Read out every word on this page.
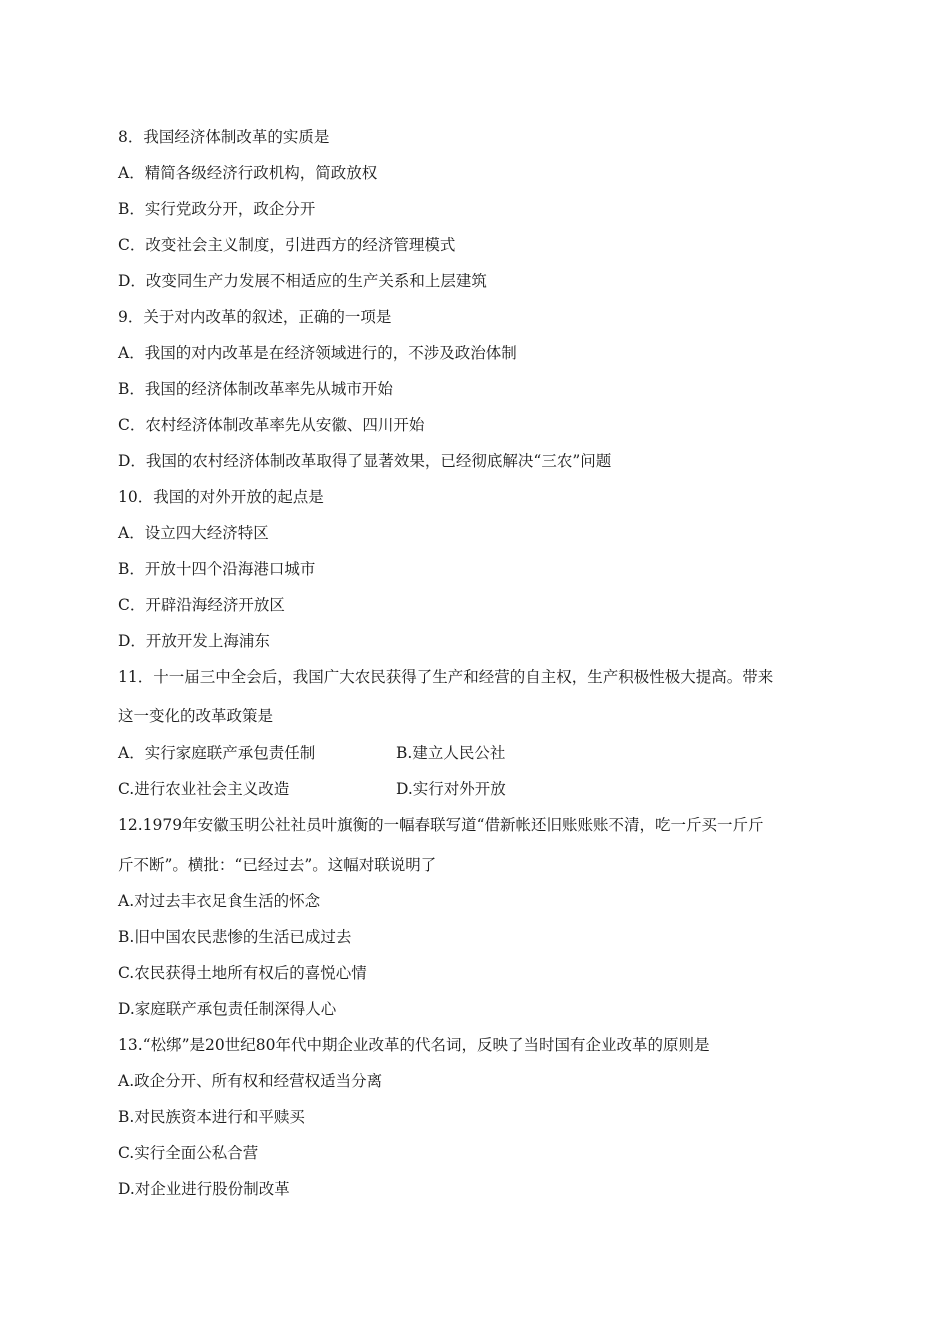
8．我国经济体制改革的实质是
A．精简各级经济行政机构，简政放权
B．实行党政分开，政企分开
C．改变社会主义制度，引进西方的经济管理模式
D．改变同生产力发展不相适应的生产关系和上层建筑
9．关于对内改革的叙述，正确的一项是
A．我国的对内改革是在经济领域进行的，不涉及政治体制
B．我国的经济体制改革率先从城市开始
C．农村经济体制改革率先从安徽、四川开始
D．我国的农村经济体制改革取得了显著效果，已经彻底解决“三农”问题
10．我国的对外开放的起点是
A．设立四大经济特区
B．开放十四个沿海港口城市
C．开辟沿海经济开放区
D．开放开发上海浦东
11．十一届三中全会后，我国广大农民获得了生产和经营的自主权，生产积极性极大提高。带来
这一变化的改革政策是
A．实行家庭联产承包责任制	B.建立人民公社
C.进行农业社会主义改造	D.实行对外开放
12.1979年安徽玉明公社社员叶旗衡的一幅春联写道“借新帐还旧账账账不清，吃一斤买一斤斤
斤不断”。横批：“已经过去”。这幅对联说明了
A.对过去丰衣足食生活的怀念
B.旧中国农民悲惨的生活已成过去
C.农民获得土地所有权后的喜悦心情
D.家庭联产承包责任制深得人心
13.“松绑”是20世纪80年代中期企业改革的代名词，反映了当时国有企业改革的原则是
A.政企分开、所有权和经营权适当分离
B.对民族资本进行和平赎买
C.实行全面公私合营
D.对企业进行股份制改革
